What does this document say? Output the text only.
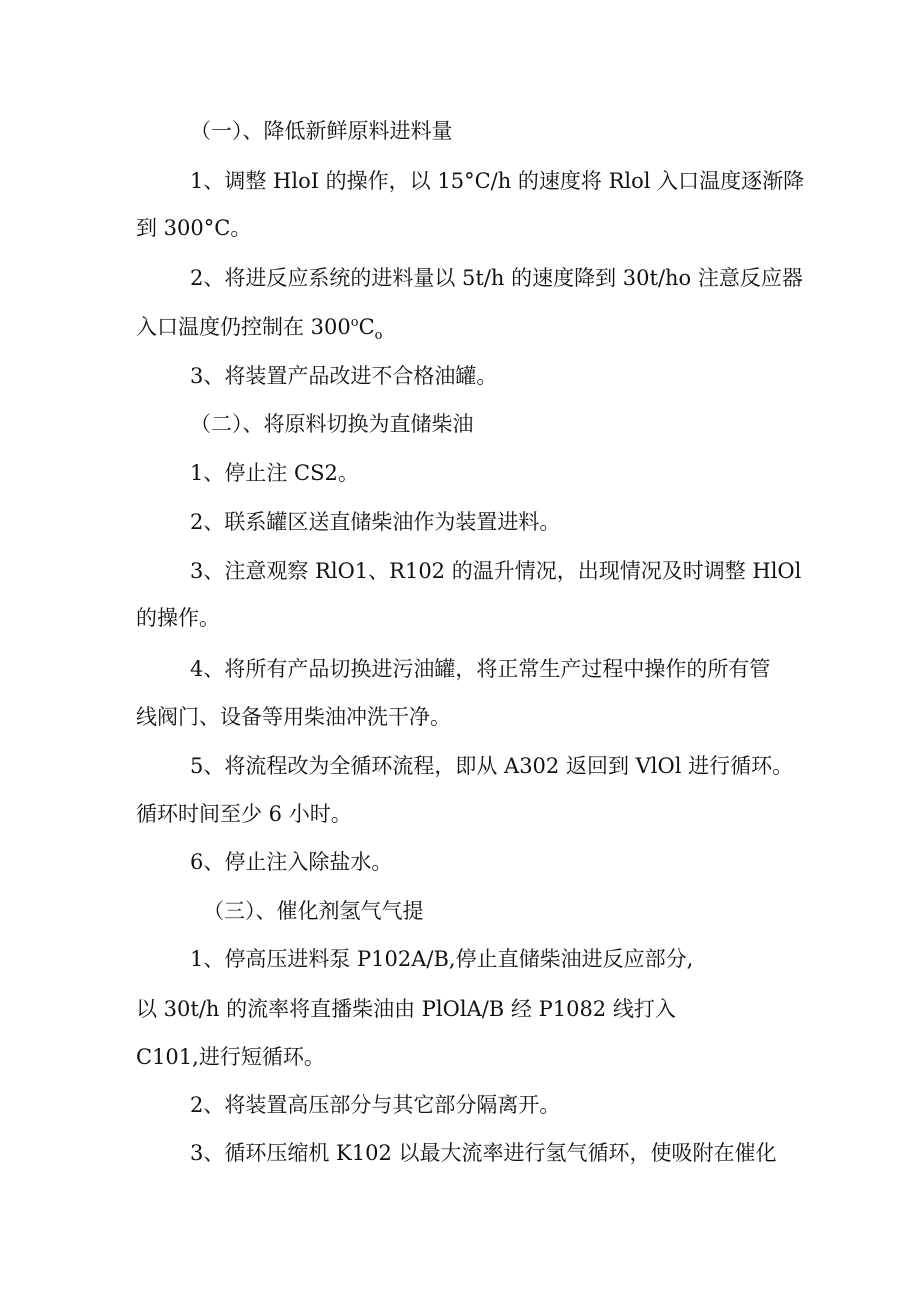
（一）、降低新鲜原料进料量

1、调整 HloI 的操作，以 15°C/h 的速度将 Rlol 入口温度逐渐降

到 300°C。

2、将进反应系统的进料量以 5t/h 的速度降到 30t/ho 注意反应器

入口温度仍控制在 $300^oC_o$

3、将装置产品改进不合格油罐。

（二）、将原料切换为直储柴油

1、停止注 CS2。

2、联系罐区送直储柴油作为装置进料。

3、注意观察 RlO1、R102 的温升情况，出现情况及时调整 HlOl

的操作。

4、将所有产品切换进污油罐，将正常生产过程中操作的所有管

线阀门、设备等用柴油冲洗干净。

5、将流程改为全循环流程，即从 A302 返回到 VlOl 进行循环。

循环时间至少 6 小时。

6、停止注入除盐水。

（三）、催化剂氢气气提

1、停高压进料泵 P102A/B,停止直储柴油进反应部分,

以 30t/h 的流率将直播柴油由 PlOlA/B 经 P1082 线打入

C101,进行短循环。

2、将装置高压部分与其它部分隔离开。

3、循环压缩机 K102 以最大流率进行氢气循环，使吸附在催化
